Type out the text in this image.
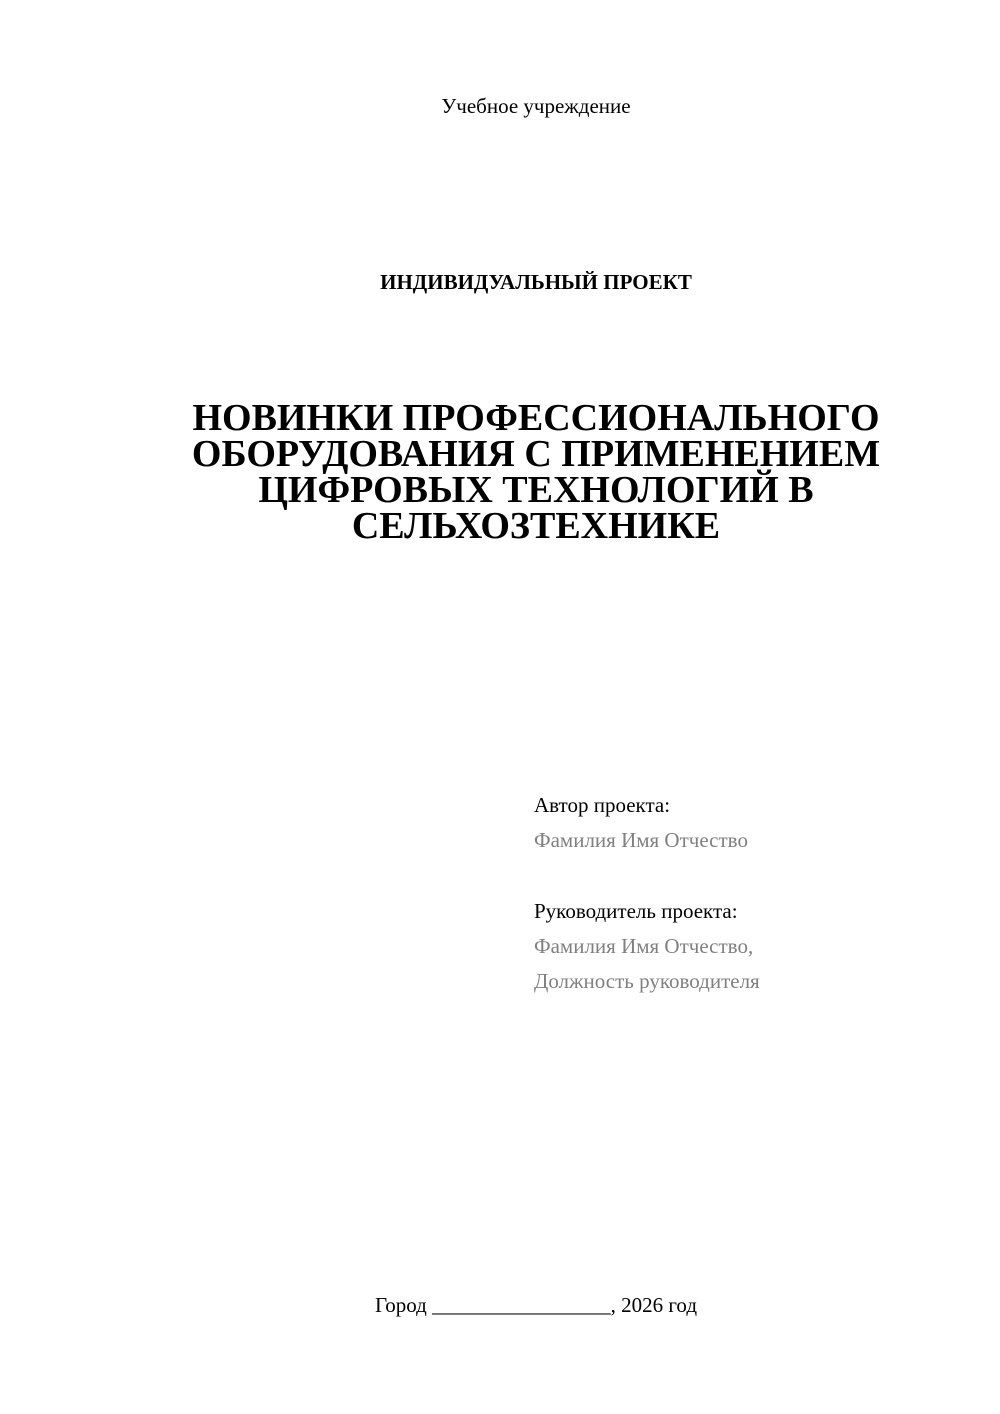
Учебное учреждение
ИНДИВИДУАЛЬНЫЙ ПРОЕКТ
НОВИНКИ ПРОФЕССИОНАЛЬНОГО
ОБОРУДОВАНИЯ С ПРИМЕНЕНИЕМ
ЦИФРОВЫХ ТЕХНОЛОГИЙ В
СЕЛЬХОЗТЕХНИКЕ
Автор проекта:
Фамилия Имя Отчество
Руководитель проекта:
Фамилия Имя Отчество,
Должность руководителя
Город _________________, 2026 год
